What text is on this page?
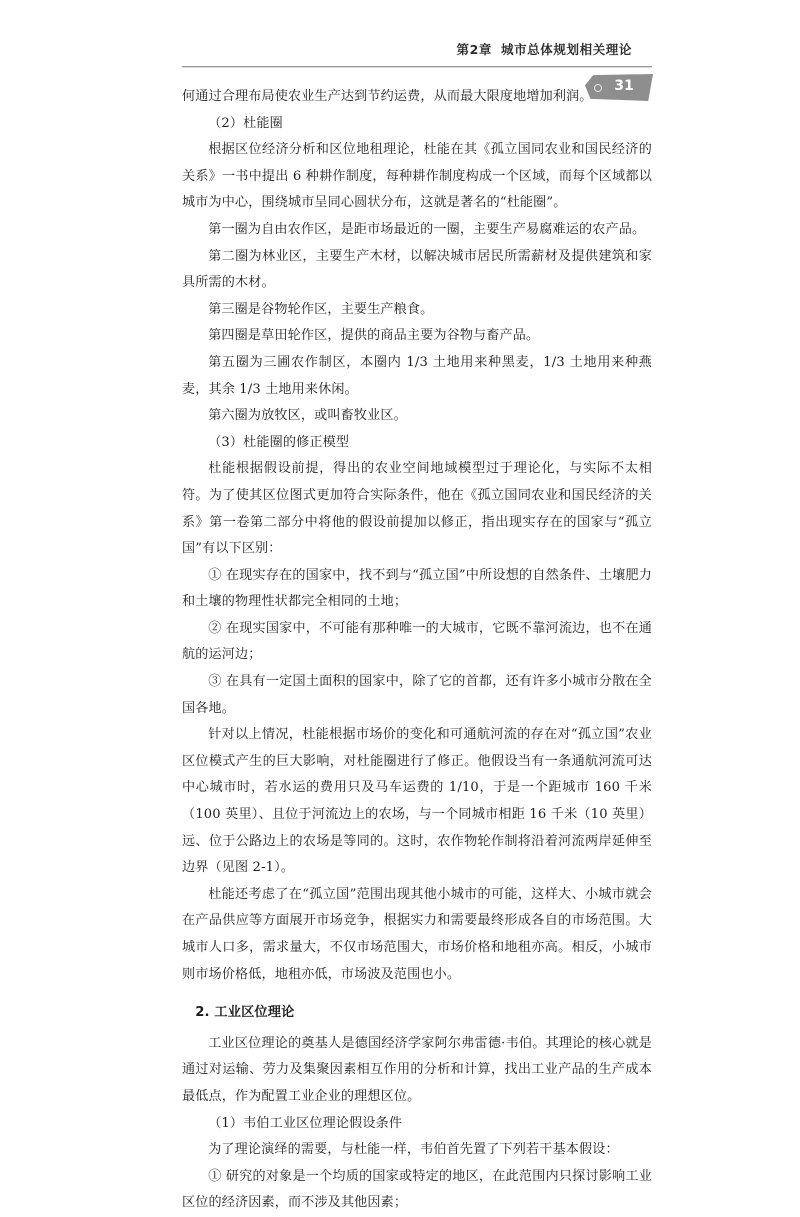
第2章 城市总体规划相关理论
31

何通过合理布局使农业生产达到节约运费，从而最大限度地增加利润。

（2）杜能圈

根据区位经济分析和区位地租理论，杜能在其《孤立国同农业和国民经济的关系》一书中提出 6 种耕作制度，每种耕作制度构成一个区域，而每个区域都以城市为中心，围绕城市呈同心圆状分布，这就是著名的“杜能圈”。

第一圈为自由农作区，是距市场最近的一圈，主要生产易腐难运的农产品。

第二圈为林业区，主要生产木材，以解决城市居民所需薪材及提供建筑和家具所需的木材。

第三圈是谷物轮作区，主要生产粮食。

第四圈是草田轮作区，提供的商品主要为谷物与畜产品。

第五圈为三圃农作制区，本圈内 1/3 土地用来种黑麦，1/3 土地用来种燕麦，其余 1/3 土地用来休闲。

第六圈为放牧区，或叫畜牧业区。

（3）杜能圈的修正模型

杜能根据假设前提，得出的农业空间地域模型过于理论化，与实际不太相符。为了使其区位图式更加符合实际条件，他在《孤立国同农业和国民经济的关系》第一卷第二部分中将他的假设前提加以修正，指出现实存在的国家与“孤立国”有以下区别：

① 在现实存在的国家中，找不到与“孤立国”中所设想的自然条件、土壤肥力和土壤的物理性状都完全相同的土地；

② 在现实国家中，不可能有那种唯一的大城市，它既不靠河流边，也不在通航的运河边；

③ 在具有一定国土面积的国家中，除了它的首都，还有许多小城市分散在全国各地。

针对以上情况，杜能根据市场价的变化和可通航河流的存在对“孤立国”农业区位模式产生的巨大影响，对杜能圈进行了修正。他假设当有一条通航河流可达中心城市时，若水运的费用只及马车运费的 1/10，于是一个距城市 160 千米（100 英里）、且位于河流边上的农场，与一个同城市相距 16 千米（10 英里）远、位于公路边上的农场是等同的。这时，农作物轮作制将沿着河流两岸延伸至边界（见图 2-1）。

杜能还考虑了在“孤立国”范围出现其他小城市的可能，这样大、小城市就会在产品供应等方面展开市场竞争，根据实力和需要最终形成各自的市场范围。大城市人口多，需求量大，不仅市场范围大，市场价格和地租亦高。相反，小城市则市场价格低，地租亦低，市场波及范围也小。

2. 工业区位理论

工业区位理论的奠基人是德国经济学家阿尔弗雷德·韦伯。其理论的核心就是通过对运输、劳力及集聚因素相互作用的分析和计算，找出工业产品的生产成本最低点，作为配置工业企业的理想区位。

（1）韦伯工业区位理论假设条件

为了理论演绎的需要，与杜能一样，韦伯首先置了下列若干基本假设：

① 研究的对象是一个均质的国家或特定的地区，在此范围内只探讨影响工业区位的经济因素，而不涉及其他因素；
